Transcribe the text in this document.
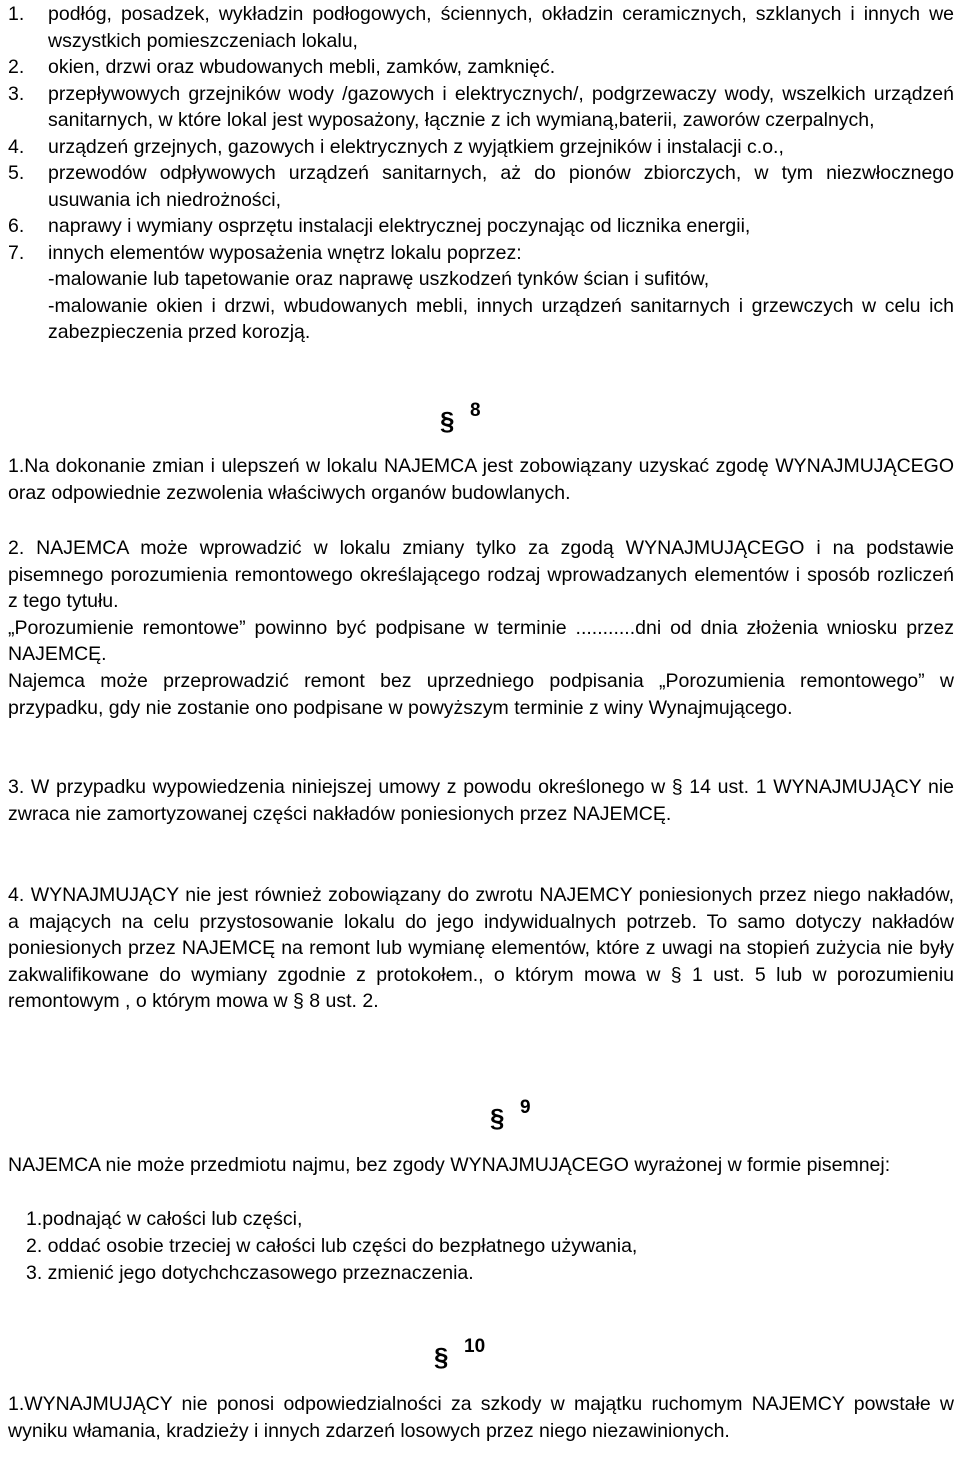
1. podłóg, posadzek, wykładzin podłogowych, ściennych, okładzin ceramicznych, szklanych i innych we wszystkich pomieszczeniach lokalu,
2. okien, drzwi oraz wbudowanych mebli, zamków, zamknięć.
3. przepływowych grzejników wody /gazowych i elektrycznych/, podgrzewaczy wody, wszelkich urządzeń sanitarnych, w które lokal jest wyposażony, łącznie z ich wymianą,baterii, zaworów czerpalnych,
4. urządzeń grzejnych, gazowych i elektrycznych z wyjątkiem grzejników i instalacji c.o.,
5. przewodów odpływowych urządzeń sanitarnych, aż do pionów zbiorczych, w tym niezwłocznego usuwania ich niedrożności,
6. naprawy i wymiany osprzętu instalacji elektrycznej poczynając od licznika energii,
7. innych elementów wyposażenia wnętrz lokalu poprzez:
-malowanie lub tapetowanie oraz naprawę uszkodzeń tynków ścian i sufitów,
-malowanie okien i drzwi, wbudowanych mebli, innych urządzeń sanitarnych i grzewczych w celu ich zabezpieczenia przed korozją.
§ 8

1.Na dokonanie zmian i ulepszeń w lokalu NAJEMCA jest zobowiązany uzyskać zgodę WYNAJMUJĄCEGO oraz odpowiednie zezwolenia właściwych organów budowlanych.

2. NAJEMCA może wprowadzić w lokalu zmiany tylko za zgodą WYNAJMUJĄCEGO i na podstawie pisemnego porozumienia remontowego określającego rodzaj wprowadzanych elementów i sposób rozliczeń z tego tytułu.

„Porozumienie remontowe” powinno być podpisane w terminie ...........dni od dnia złożenia wniosku przez NAJEMCĘ.

Najemca może przeprowadzić remont bez uprzedniego podpisania „Porozumienia remontowego” w przypadku, gdy nie zostanie ono podpisane w powyższym terminie z winy Wynajmującego.

3. W przypadku wypowiedzenia niniejszej umowy z powodu określonego w § 14 ust. 1 WYNAJMUJĄCY nie zwraca nie zamortyzowanej części nakładów poniesionych przez NAJEMCĘ.

4. WYNAJMUJĄCY nie jest również zobowiązany do zwrotu NAJEMCY poniesionych przez niego nakładów, a mających na celu przystosowanie lokalu do jego indywidualnych potrzeb. To samo dotyczy nakładów poniesionych przez NAJEMCĘ na remont lub wymianę elementów, które z uwagi na stopień zużycia nie były zakwalifikowane do wymiany zgodnie z protokołem., o którym mowa w § 1 ust. 5 lub w porozumieniu remontowym , o którym mowa w § 8 ust. 2.

§ 9

NAJEMCA nie może przedmiotu najmu, bez zgody WYNAJMUJĄCEGO wyrażonej w formie pisemnej:

1.podnająć w całości lub części,
2. oddać osobie trzeciej w całości lub części do bezpłatnego używania,
3. zmienić jego dotychchczasowego przeznaczenia.
§ 10

1.WYNAJMUJĄCY nie ponosi odpowiedzialności za szkody w majątku ruchomym NAJEMCY powstałe w wyniku włamania, kradzieży i innych zdarzeń losowych przez niego niezawinionych.
